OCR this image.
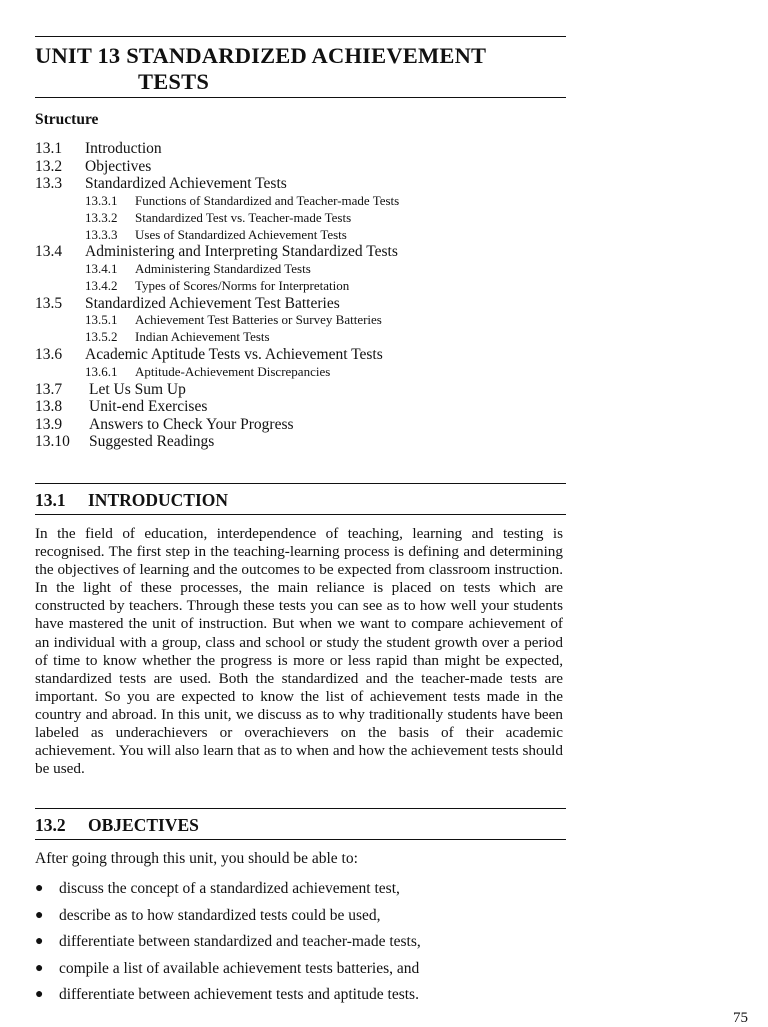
UNIT 13 STANDARDIZED ACHIEVEMENT
TESTS
Structure
13.1 Introduction
13.2 Objectives
13.3 Standardized Achievement Tests
13.3.1 Functions of Standardized and Teacher-made Tests
13.3.2 Standardized Test vs. Teacher-made Tests
13.3.3 Uses of Standardized Achievement Tests
13.4 Administering and Interpreting Standardized Tests
13.4.1 Administering Standardized Tests
13.4.2 Types of Scores/Norms for Interpretation
13.5 Standardized Achievement Test Batteries
13.5.1 Achievement Test Batteries or Survey Batteries
13.5.2 Indian Achievement Tests
13.6 Academic Aptitude Tests vs. Achievement Tests
13.6.1 Aptitude-Achievement Discrepancies
13.7 Let Us Sum Up
13.8 Unit-end Exercises
13.9 Answers to Check Your Progress
13.10 Suggested Readings
13.1 INTRODUCTION
In the field of education, interdependence of teaching, learning and testing is recognised. The first step in the teaching-learning process is defining and determining the objectives of learning and the outcomes to be expected from classroom instruction. In the light of these processes, the main reliance is placed on tests which are constructed by teachers. Through these tests you can see as to how well your students have mastered the unit of instruction. But when we want to compare achievement of an individual with a group, class and school or study the student growth over a period of time to know whether the progress is more or less rapid than might be expected, standardized tests are used. Both the standardized and the teacher-made tests are important. So you are expected to know the list of achievement tests made in the country and abroad. In this unit, we discuss as to why traditionally students have been labeled as underachievers or overachievers on the basis of their academic achievement. You will also learn that as to when and how the achievement tests should be used.
13.2 OBJECTIVES
After going through this unit, you should be able to:
● discuss the concept of a standardized achievement test,
● describe as to how standardized tests could be used,
● differentiate between standardized and teacher-made tests,
● compile a list of available achievement tests batteries, and
● differentiate between achievement tests and aptitude tests.
75
